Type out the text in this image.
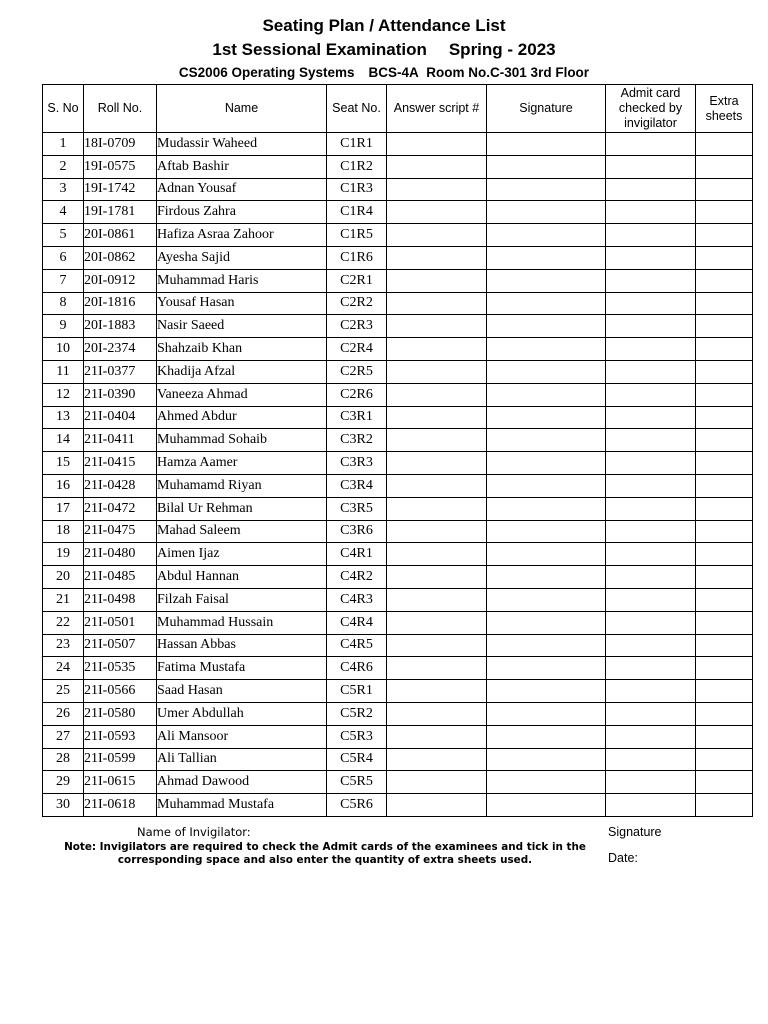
Seating Plan / Attendance List
1st Sessional Examination Spring - 2023
CS2006 Operating Systems BCS-4A Room No.C-301 3rd Floor
S. No	Roll No.	Name	Seat No.	Answer script #	Signature	Admit card
checked by
invigilator	Extra
sheets
1	18I-0709	Mudassir Waheed	C1R1				
2	19I-0575	Aftab Bashir	C1R2				
3	19I-1742	Adnan Yousaf	C1R3				
4	19I-1781	Firdous Zahra	C1R4				
5	20I-0861	Hafiza Asraa Zahoor	C1R5				
6	20I-0862	Ayesha Sajid	C1R6				
7	20I-0912	Muhammad Haris	C2R1				
8	20I-1816	Yousaf Hasan	C2R2				
9	20I-1883	Nasir Saeed	C2R3				
10	20I-2374	Shahzaib Khan	C2R4				
11	21I-0377	Khadija Afzal	C2R5				
12	21I-0390	Vaneeza Ahmad	C2R6				
13	21I-0404	Ahmed Abdur	C3R1				
14	21I-0411	Muhammad Sohaib	C3R2				
15	21I-0415	Hamza Aamer	C3R3				
16	21I-0428	Muhamamd Riyan	C3R4				
17	21I-0472	Bilal Ur Rehman	C3R5				
18	21I-0475	Mahad Saleem	C3R6				
19	21I-0480	Aimen Ijaz	C4R1				
20	21I-0485	Abdul Hannan	C4R2				
21	21I-0498	Filzah Faisal	C4R3				
22	21I-0501	Muhammad Hussain	C4R4				
23	21I-0507	Hassan Abbas	C4R5				
24	21I-0535	Fatima Mustafa	C4R6				
25	21I-0566	Saad Hasan	C5R1				
26	21I-0580	Umer Abdullah	C5R2				
27	21I-0593	Ali Mansoor	C5R3				
28	21I-0599	Ali Tallian	C5R4				
29	21I-0615	Ahmad Dawood	C5R5				
30	21I-0618	Muhammad Mustafa	C5R6				
Name of Invigilator:	Signature
Note: Invigilators are required to check the Admit cards of the examinees and tick in the
corresponding space and also enter the quantity of extra sheets used.	Date:
